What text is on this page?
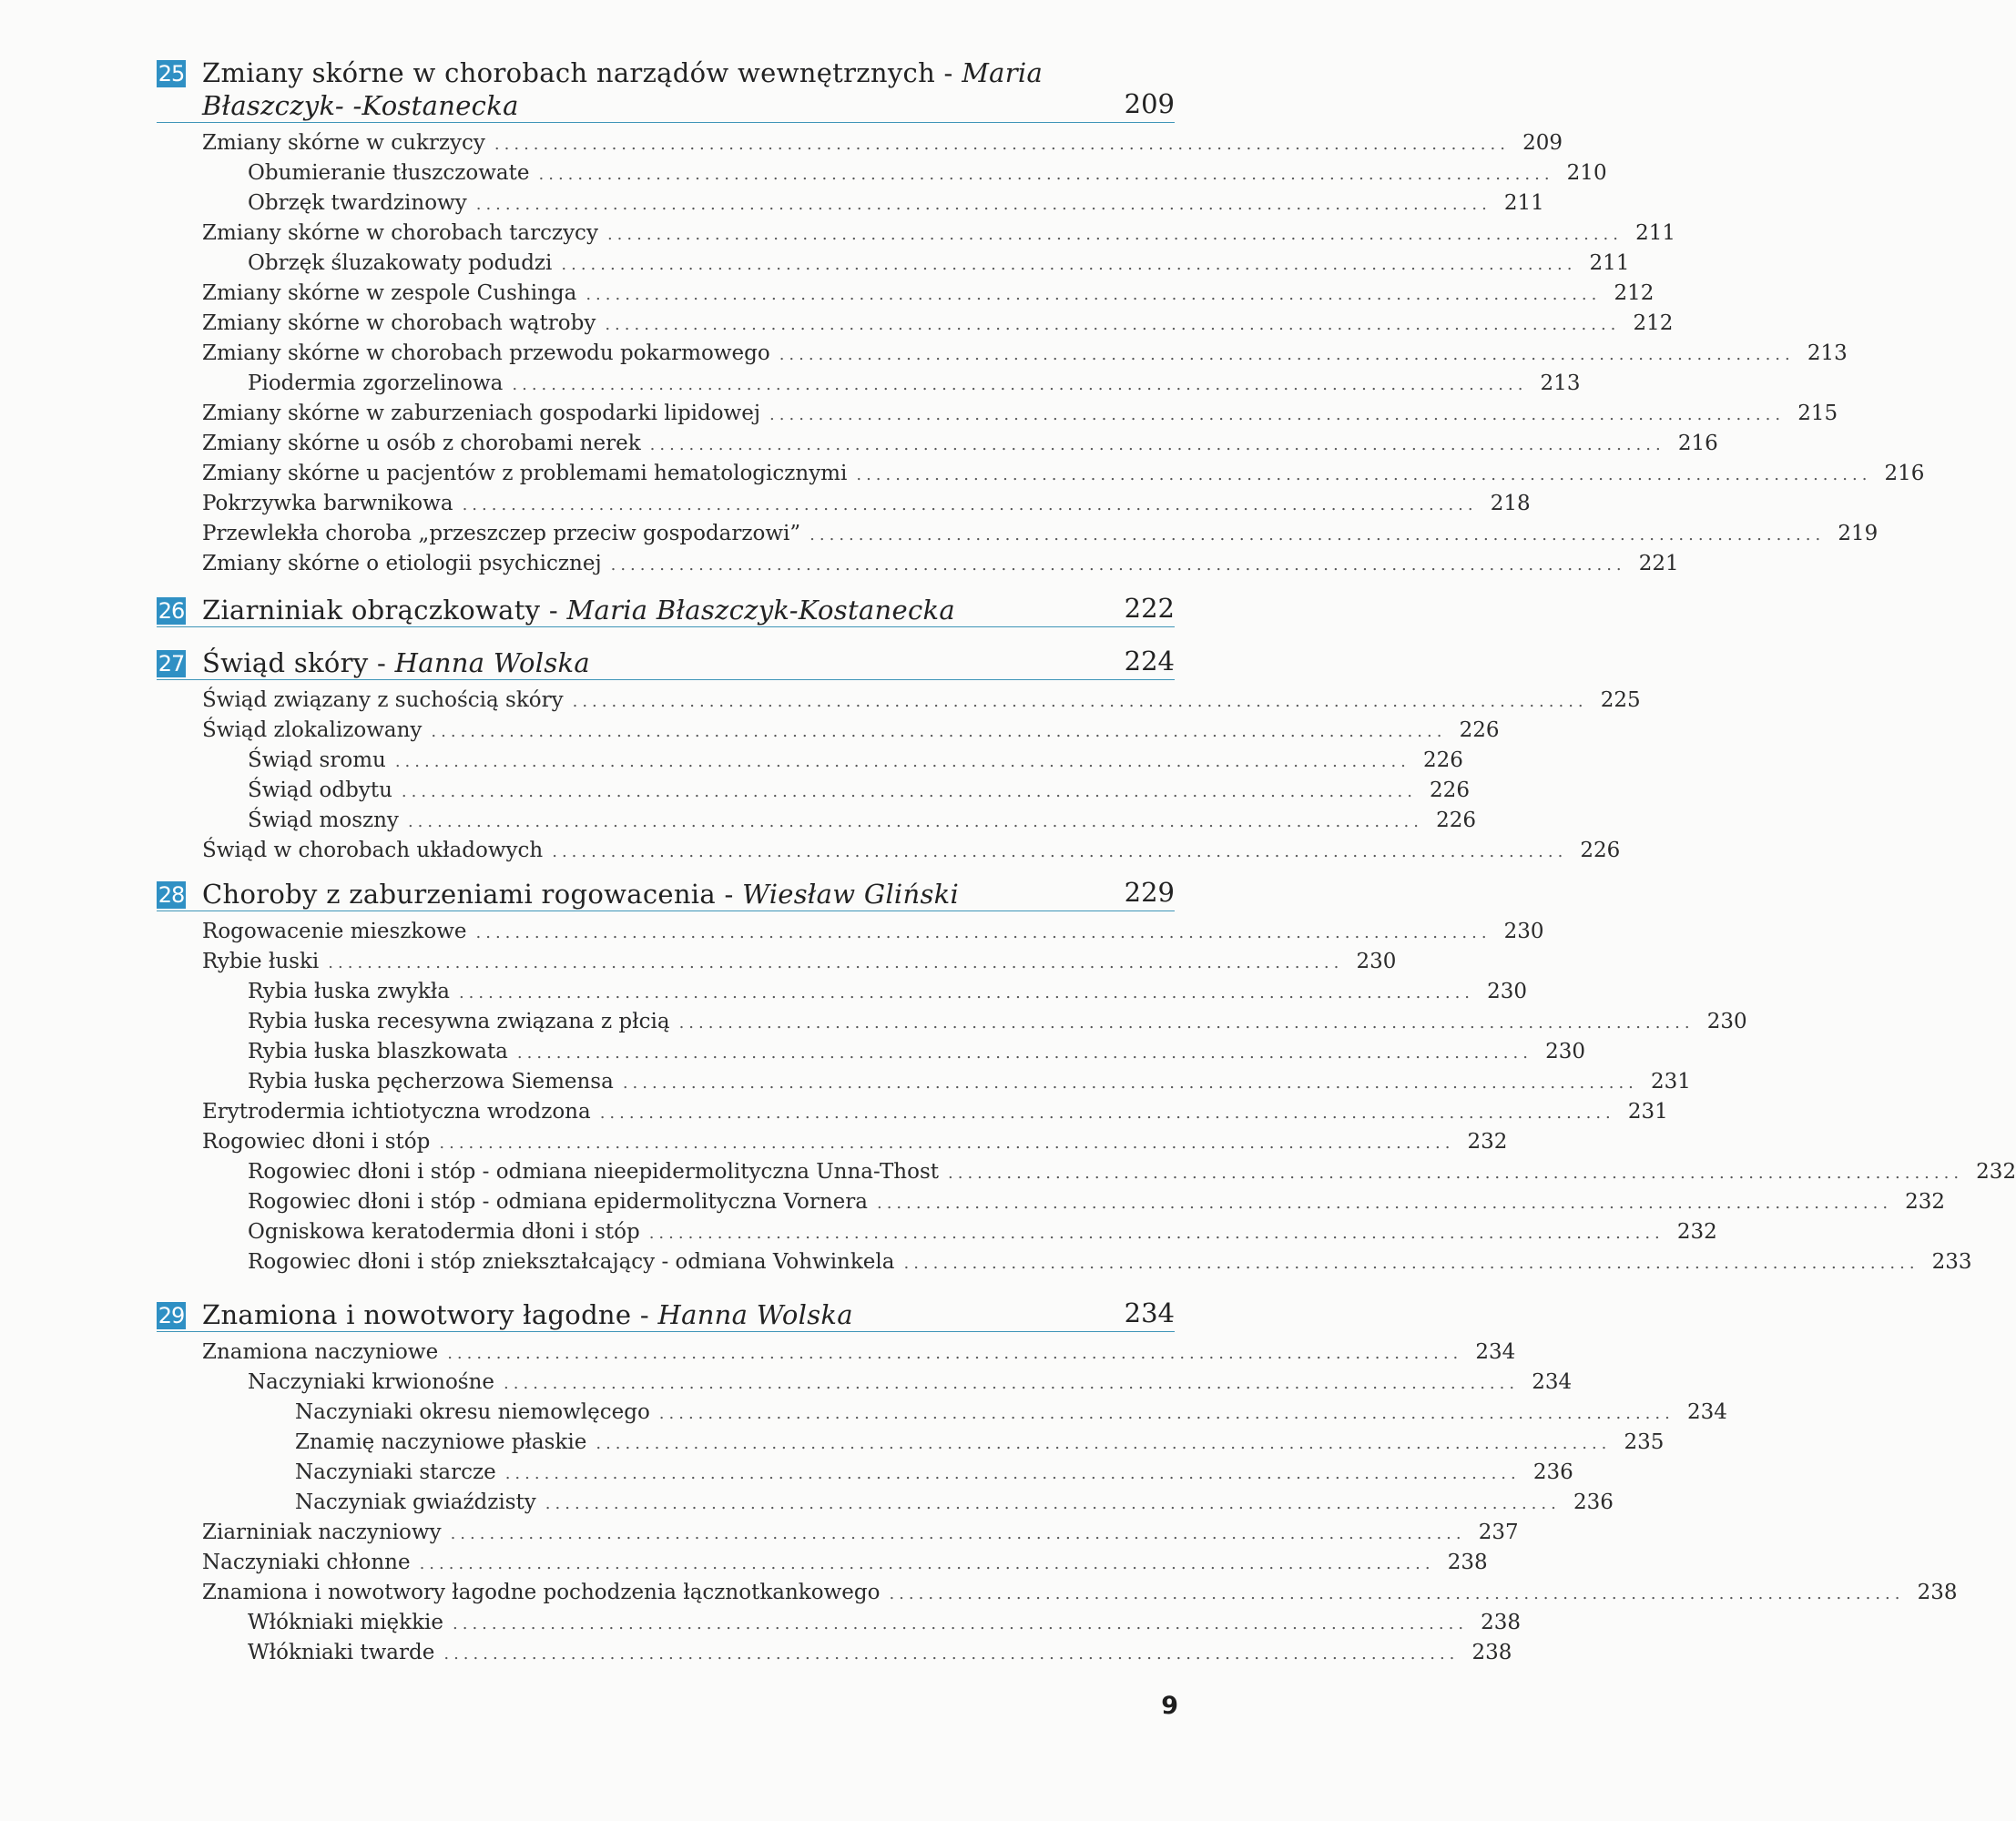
25 Zmiany skórne w chorobach narządów wewnętrznych - Maria Błaszczyk- -Kostanecka	209
Zmiany skórne w cukrzycy ........................................................................................................ 209
Obumieranie tłuszczowate ........................................................................................................ 210
Obrzęk twardzinowy ........................................................................................................ 211
Zmiany skórne w chorobach tarczycy ........................................................................................................ 211
Obrzęk śluzakowaty podudzi ........................................................................................................ 211
Zmiany skórne w zespole Cushinga ........................................................................................................ 212
Zmiany skórne w chorobach wątroby ........................................................................................................ 212
Zmiany skórne w chorobach przewodu pokarmowego ........................................................................................................ 213
Piodermia zgorzelinowa ........................................................................................................ 213
Zmiany skórne w zaburzeniach gospodarki lipidowej ........................................................................................................ 215
Zmiany skórne u osób z chorobami nerek ........................................................................................................ 216
Zmiany skórne u pacjentów z problemami hematologicznymi ........................................................................................................ 216
Pokrzywka barwnikowa ........................................................................................................ 218
Przewlekła choroba „przeszczep przeciw gospodarzowi” ........................................................................................................ 219
Zmiany skórne o etiologii psychicznej ........................................................................................................ 221
26 Ziarniniak obrączkowaty - Maria Błaszczyk-Kostanecka	222
27 Świąd skóry - Hanna Wolska	224
Świąd związany z suchością skóry ........................................................................................................ 225
Świąd zlokalizowany ........................................................................................................ 226
Świąd sromu ........................................................................................................ 226
Świąd odbytu ........................................................................................................ 226
Świąd moszny ........................................................................................................ 226
Świąd w chorobach układowych ........................................................................................................ 226
28 Choroby z zaburzeniami rogowacenia - Wiesław Gliński	229
Rogowacenie mieszkowe ........................................................................................................ 230
Rybie łuski ........................................................................................................ 230
Rybia łuska zwykła ........................................................................................................ 230
Rybia łuska recesywna związana z płcią ........................................................................................................ 230
Rybia łuska blaszkowata ........................................................................................................ 230
Rybia łuska pęcherzowa Siemensa ........................................................................................................ 231
Erytrodermia ichtiotyczna wrodzona ........................................................................................................ 231
Rogowiec dłoni i stóp ........................................................................................................ 232
Rogowiec dłoni i stóp - odmiana nieepidermolityczna Unna-Thost ........................................................................................................ 232
Rogowiec dłoni i stóp - odmiana epidermolityczna Vornera ........................................................................................................ 232
Ogniskowa keratodermia dłoni i stóp ........................................................................................................ 232
Rogowiec dłoni i stóp zniekształcający - odmiana Vohwinkela ........................................................................................................ 233
29 Znamiona i nowotwory łagodne - Hanna Wolska	234
Znamiona naczyniowe ........................................................................................................ 234
Naczyniaki krwionośne ........................................................................................................ 234
Naczyniaki okresu niemowlęcego ........................................................................................................ 234
Znamię naczyniowe płaskie ........................................................................................................ 235
Naczyniaki starcze ........................................................................................................ 236
Naczyniak gwiaździsty ........................................................................................................ 236
Ziarniniak naczyniowy ........................................................................................................ 237
Naczyniaki chłonne ........................................................................................................ 238
Znamiona i nowotwory łagodne pochodzenia łącznotkankowego ........................................................................................................ 238
Włókniaki miękkie ........................................................................................................ 238
Włókniaki twarde ........................................................................................................ 238
9
